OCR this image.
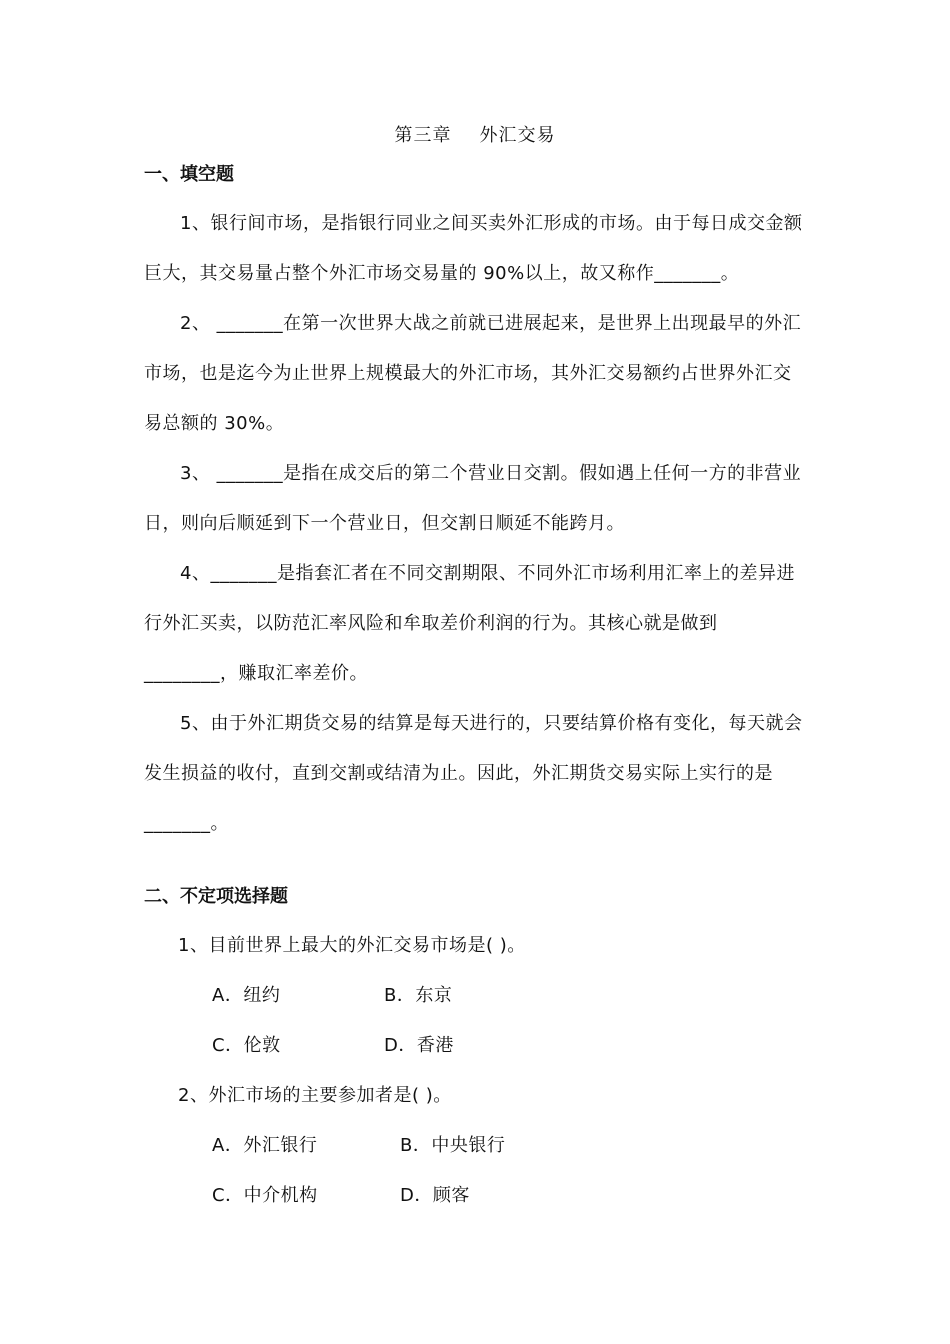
第三章 外汇交易
一、填空题

1、银行间市场，是指银行同业之间买卖外汇形成的市场。由于每日成交金额巨大，其交易量占整个外汇市场交易量的 90%以上，故又称作_______。

2、 _______在第一次世界大战之前就已进展起来，是世界上出现最早的外汇市场，也是迄今为止世界上规模最大的外汇市场，其外汇交易额约占世界外汇交易总额的 30%。

3、 _______是指在成交后的第二个营业日交割。假如遇上任何一方的非营业日，则向后顺延到下一个营业日，但交割日顺延不能跨月。

4、_______是指套汇者在不同交割期限、不同外汇市场利用汇率上的差异进行外汇买卖，以防范汇率风险和牟取差价利润的行为。其核心就是做到________，赚取汇率差价。

5、由于外汇期货交易的结算是每天进行的，只要结算价格有变化，每天就会发生损益的收付，直到交割或结清为止。因此，外汇期货交易实际上实行的是_______。

二、不定项选择题
1、目前世界上最大的外汇交易市场是( )。
A．纽约	B．东京
C．伦敦	D．香港
2、外汇市场的主要参加者是( )。
A．外汇银行	B．中央银行
C．中介机构	D．顾客
